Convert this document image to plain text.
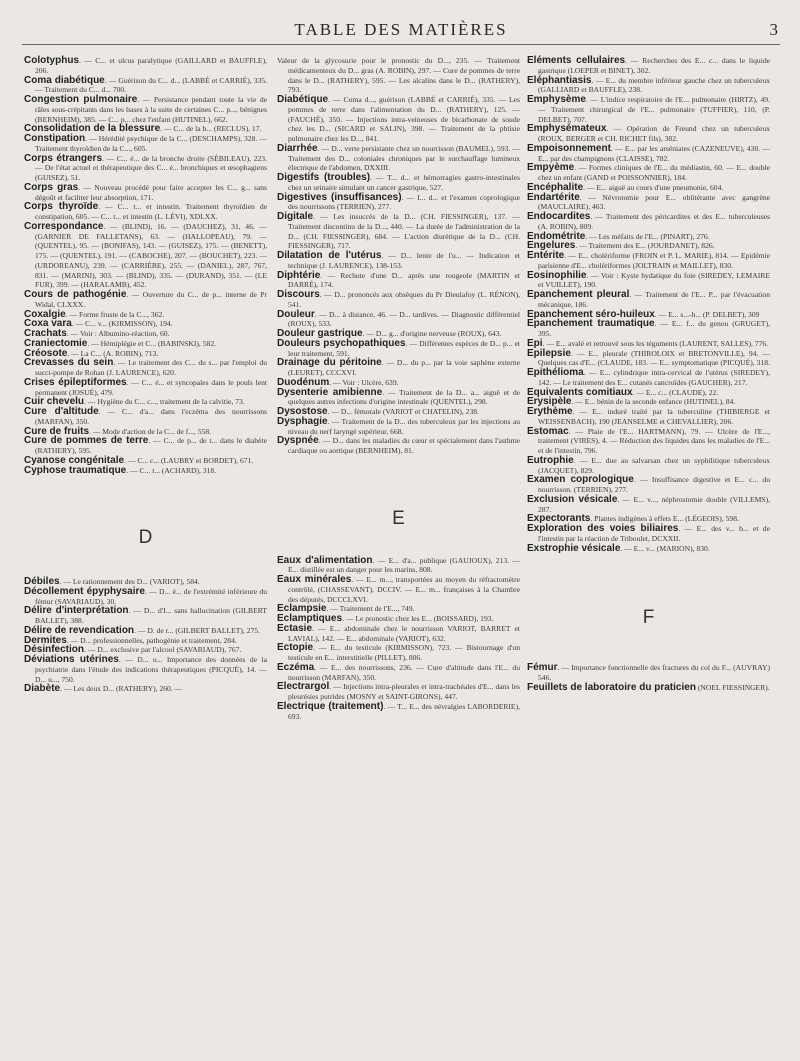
TABLE DES MATIÈRES	3

Colotyphus. — C... et ulcus paralytique (GAILLARD et BAUFFLE), 206.

Coma diabétique. — Guérison du C... d... (LABBÉ et CARRIÉ), 335. — Traitement du C... d... 700.

Congestion pulmonaire. — Persistance pendant toute la vie de râles sous-crépitants dans les bases à la suite de certaines C... p..., bénignes (BERNHEIM), 385. — C... p... chez l'enfant (HUTINEL), 662.

Consolidation de la blessure. — C... de la b... (RECLUS), 17.

Constipation. — Hérédité psychique de la C... (DESCHAMPS), 328. — Traitement thyroïdien de la C..., 605.

Corps étrangers. — C... é... de la bronche droite (SÉBILEAU), 223. — De l'état actuel et thérapeutique des C... é... bronchiques et œsophagiens (GUISEZ), 51.

Corps gras. — Nouveau procédé pour faire accepter les C... g... sans dégoût et faciliter leur absorption, 171.

Corps thyroïde. — C... t... et intestin. Traitement thyroïdien de constipation, 605. — C... t... et intestin (L. LÉVI), XDLXX.

Correspondance. — (BLIND), 16. — (DAUCHEZ), 31, 46. — (GARNIER DE FALLETANS), 63. — (HALLOPEAU), 79. — (QUENTEL), 95. — (BONIFAS), 143. — (GUISEZ), 175. — (BENETT), 175. — (QUENTEL), 191. — (CABOCHE), 207. — (BOUCHET), 223. — (URDOREANU), 239. — (CARRIÈRE), 255. — (DANIEL), 287, 767, 831. — (MARINI), 303. — (BLIND), 335. — (DURAND), 351. — (LE FUR), 399. — (HARALAMB), 452.

Cours de pathogénie. — Ouverture du C... de p... interne de Pr Widal, CLXXX.

Coxalgie. — Forme fruste de la C..., 362.

Coxa vara. — C... v... (KIRMISSON), 194.

Crachats. — Voir : Albumino-réaction, 60.

Craniectomie. — Hémiplégie et C... (BABINSKI), 582.

Créosote. — La C... (A. ROBIN), 713.

Crevasses du sein. — Le traitement des C... du s... par l'emploi du succi-pompe de Rohan (J. LAURENCE), 620.

Crises épileptiformes. — C... é... et syncopales dans le pouls lent permanent (JOSUÉ), 479.

Cuir chevelu. — Hygiène du C... c..., traitement de la calvitie, 73.

Cure d'altitude. — C... d'a... dans l'eczéma des nourrissons (MARFAN), 350.

Cure de fruits. — Mode d'action de la C... de f..., 558.

Cure de pommes de terre. — C... de p... de t... dans le diabète (RATHERY), 595.

Cyanose congénitale. — C... c... (LAUBRY et BORDET), 671.

Cyphose traumatique. — C... t... (ACHARD), 318.

D

Débiles. — Le rationnement des D... (VARIOT), 584.

Décollement épyphysaire. — D... é... de l'extrémité inférieure du fémur (SAVARIAUD), 30.

Délire d'interprétation. — D... d'I... sans hallucination (GILBERT BALLET), 388.

Délire de revendication. — D. de r... (GILBERT BALLET), 275.

Dermites. — D... professionnelles, pathogénie et traitement, 284.

Désinfection. — D... exclusive par l'alcool (SAVARIAUD), 767.

Déviations utérines. — D... u... Importance des données de la psychiatrie dans l'étude des indications thérapeutiques (PICQUÉ), 14. — D... u..., 750.

Diabète. — Les deux D... (RATHERY), 260. —

Valeur de la glycosurie pour le pronostic du D..., 235. — Traitement médicamenteux du D... gras (A. ROBIN), 297. — Cure de pommes de terre dans le D... (RATHERY), 595. — Les alcalins dans le D... (RATHERY), 793.

Diabétique. — Coma d..., guérison (LABBÉ et CARRIÉ), 335. — Les pommes de terre dans l'alimentation du D... (RATHERY), 125. — (FAUCHÉ), 350. — Injections intra-veineuses de bicarbonate de soude chez les D... (SICARD et SALIN), 398. — Traitement de la phtisie pulmonaire chez les D..., 841.

Diarrhée. — D... verte persistante chez un nourrisson (BAUMEL), 593. — Traitement des D... coloniales chroniques par le surchauffage lumineux électrique de l'abdomen, DXXIII.

Digestifs (troubles). — T... d... et hémorragies gastro-intestinales chez un urinaire simulant un cancer gastrique, 527.

Digestives (insuffisances). — I... d... et l'examen coprologique des nourrissons (TERRIEN), 277.

Digitale. — Les insuccès de la D... (CH. FIESSINGER), 137. — Traitement discontinu de la D..., 440. — La durée de l'administration de la D... (CH. FIESSINGER), 684. — L'action diurétique de la D... (CH. FIESSINGER), 717.

Dilatation de l'utérus. — D... lente de l'u... — Indication et technique (J. LAURENCE), 138-153.

Diphtérie. — Rechute d'une D... après une rougeole (MARTIN et DARRÉ), 174.

Discours. — D... prononcés aux obsèques du Pr Dieulafoy (L. RÉNON), 541.

Douleur. — D... à distance, 46. — D... tardives. — Diagnostic différentiel (ROUX), 533.

Douleur gastrique. — D... g... d'origine nerveuse (ROUX), 643.

Douleurs psychopathiques. — Différentes espèces de D... p... et leur traitement, 591.

Drainage du péritoine. — D... du p... par la voie saphène externe (LEURET), CCCXVI.

Duodénum. — Voir : Ulcère, 639.

Dysenterie amibienne. — Traitement de la D... a... aiguë et de quelques autres infections d'origine intestinale (QUENTEL), 298.

Dysostose. — D... fémorale (VARIOT et CHATELIN), 238.

Dysphagie. — Traitement de la D... des tuberculeux par les injections au niveau du nerf laryngé supérieur, 668.

Dyspnée. — D... dans les maladies du cœur et spécialement dans l'asthme cardiaque ou aortique (BERNHEIM), 81.

E

Eaux d'alimentation. — E... d'a... publique (GAUJOUX), 213. — E... distillée est un danger pour les marins, 808.

Eaux minérales. — E... m..., transportées au moyen du réfractomètre contrôlé, (CHASSEVANT), DCCIV. — E... m... françaises à la Chambre des députés, DCCCLXVI.

Eclampsie. — Traitement de l'E..., 749.

Eclamptiques. — Le pronostic chez les E... (BOISSARD), 193.

Ectasie. — E... abdominale chez le nourrisson VARIOT, BARRET et LAVIAL), 142. — E... abdominale (VARIOT), 632.

Ectopie. — E... du testicule (KIRMISSON), 723. — Bistournage d'un testicule en E... interstitielle (PILLET), 806.

Eczéma. — E... des nourrissons, 236. — Cure d'altitude dans l'E... du nourrisson (MARFAN), 350.

Electrargol. — Injections intra-pleurales et intra-trachéales d'E... dans les pleurésies putrides (MOSNY et SAINT-GIRONS), 447.

Electrique (traitement). — T... E... des névralgies LABORDERIE), 693.

Eléments cellulaires. — Recherches des E... c... dans le liquide gastrique (LOEPER et BINET), 302.

Eléphantiasis. — E... du membre inférieur gauche chez un tuberculeux (GALLIARD et BAUFFLE), 238.

Emphysème. — L'indice respiratoire de l'E... pulmonaire (HIRTZ), 49. — Traitement chirurgical de l'E... pulmonaire (TUFFIER), 110, (P. DELBET), 707.

Emphysémateux. — Opération de Freund chez un tuberculeux (ROUX, BERGER et CH. RICHET fils), 382.

Empoisonnement. — E... par les arséniates (CAZENEUVE), 430. — E... par des champignons (CLAISSE), 782.

Empyème. — Formes cliniques de l'E... du médiastin, 60. — E... double chez un enfant (GAND et POISSONNIER), 184.

Encéphalite. — E... aiguë au cours d'une pneumonie, 604.

Endartérite. — Névrotomie pour E... oblitérante avec gangrène (MAUCLAIRE), 463.

Endocardites. — Traitement des péricardites et des E... tuberculeuses (A. ROBIN), 809.

Endométrite. — Les méfaits de l'E... (PINART), 276.

Engelures. — Traitement des E... (JOURDANET), 826.

Entérite. — E... cholériforme (FROIN et P. L. MARIE), 814. — Epidémie parisienne d'E... cholériformes (JOLTRAIN et MAILLET), 830.

Eosinophilie. — Voir : Kyste hydatique du foie (SIREDEY, LEMAIRE et VUILLET), 190.

Epanchement pleural. — Traitement de l'E... P... par l'évacuation mécanique, 186.

Epanchement séro-huileux. — E... s...-h... (P. DELBET), 309

Epanchement traumatique. — E... f... du genou (GRUGET), 395.

Epi. — E... avalé et retrouvé sous les téguments (LAURENT, SALLES), 776.

Epilepsie. — E... pleurale (THIROLOIX et BRETONVILLE), 94. — Quelques cas d'E... (CLAUDE, 183. — E... symptomatique (PICQUÉ), 318.

Epithélioma. — E... cylindrique intra-cervical de l'utérus (SIREDEY), 142. — Le traitement des E... cutanés cancroïdes (GAUCHER), 217.

Equivalents comitiaux. — E... c... (CLAUDE), 22.

Erysipèle. — E... bénin de la seconde enfance (HUTINEL), 84.

Erythème. — E... induré traité par la tuberculine (THIBIERGE et WEISSENBACH), 190 (JEANSELME et CHEVALLIER), 206.

Estomac. — Plaie de l'E... HARTMANN), 79. — Ulcère de l'E..., traitement (VIRES), 4. — Réduction des liquides dans les maladies de l'E... et de l'intestin, 796.

Eutrophie. — E... due au salvarsan chez un syphilitique tuberculeux (JACQUET), 829.

Examen coprologique. — Insuffisance digestive et E... c... du nourrisson. (TERRIEN), 277.

Exclusion vésicale. — E... v..., néphrostomie double (VILLEMS), 287.

Expectorants. Plantes indigènes à effets E... (LÉGEOIS), 598.

Exploration des voies biliaires. — E... des v... b... et de l'intestin par la réaction de Triboulet, DCXXII.

Exstrophie vésicale. — E... v... (MARION), 830.

F

Fémur. — Importance fonctionnelle des fractures du col du F... (AUVRAY) 546.

Feuillets de laboratoire du praticien (NOEL FIESSINGER).
